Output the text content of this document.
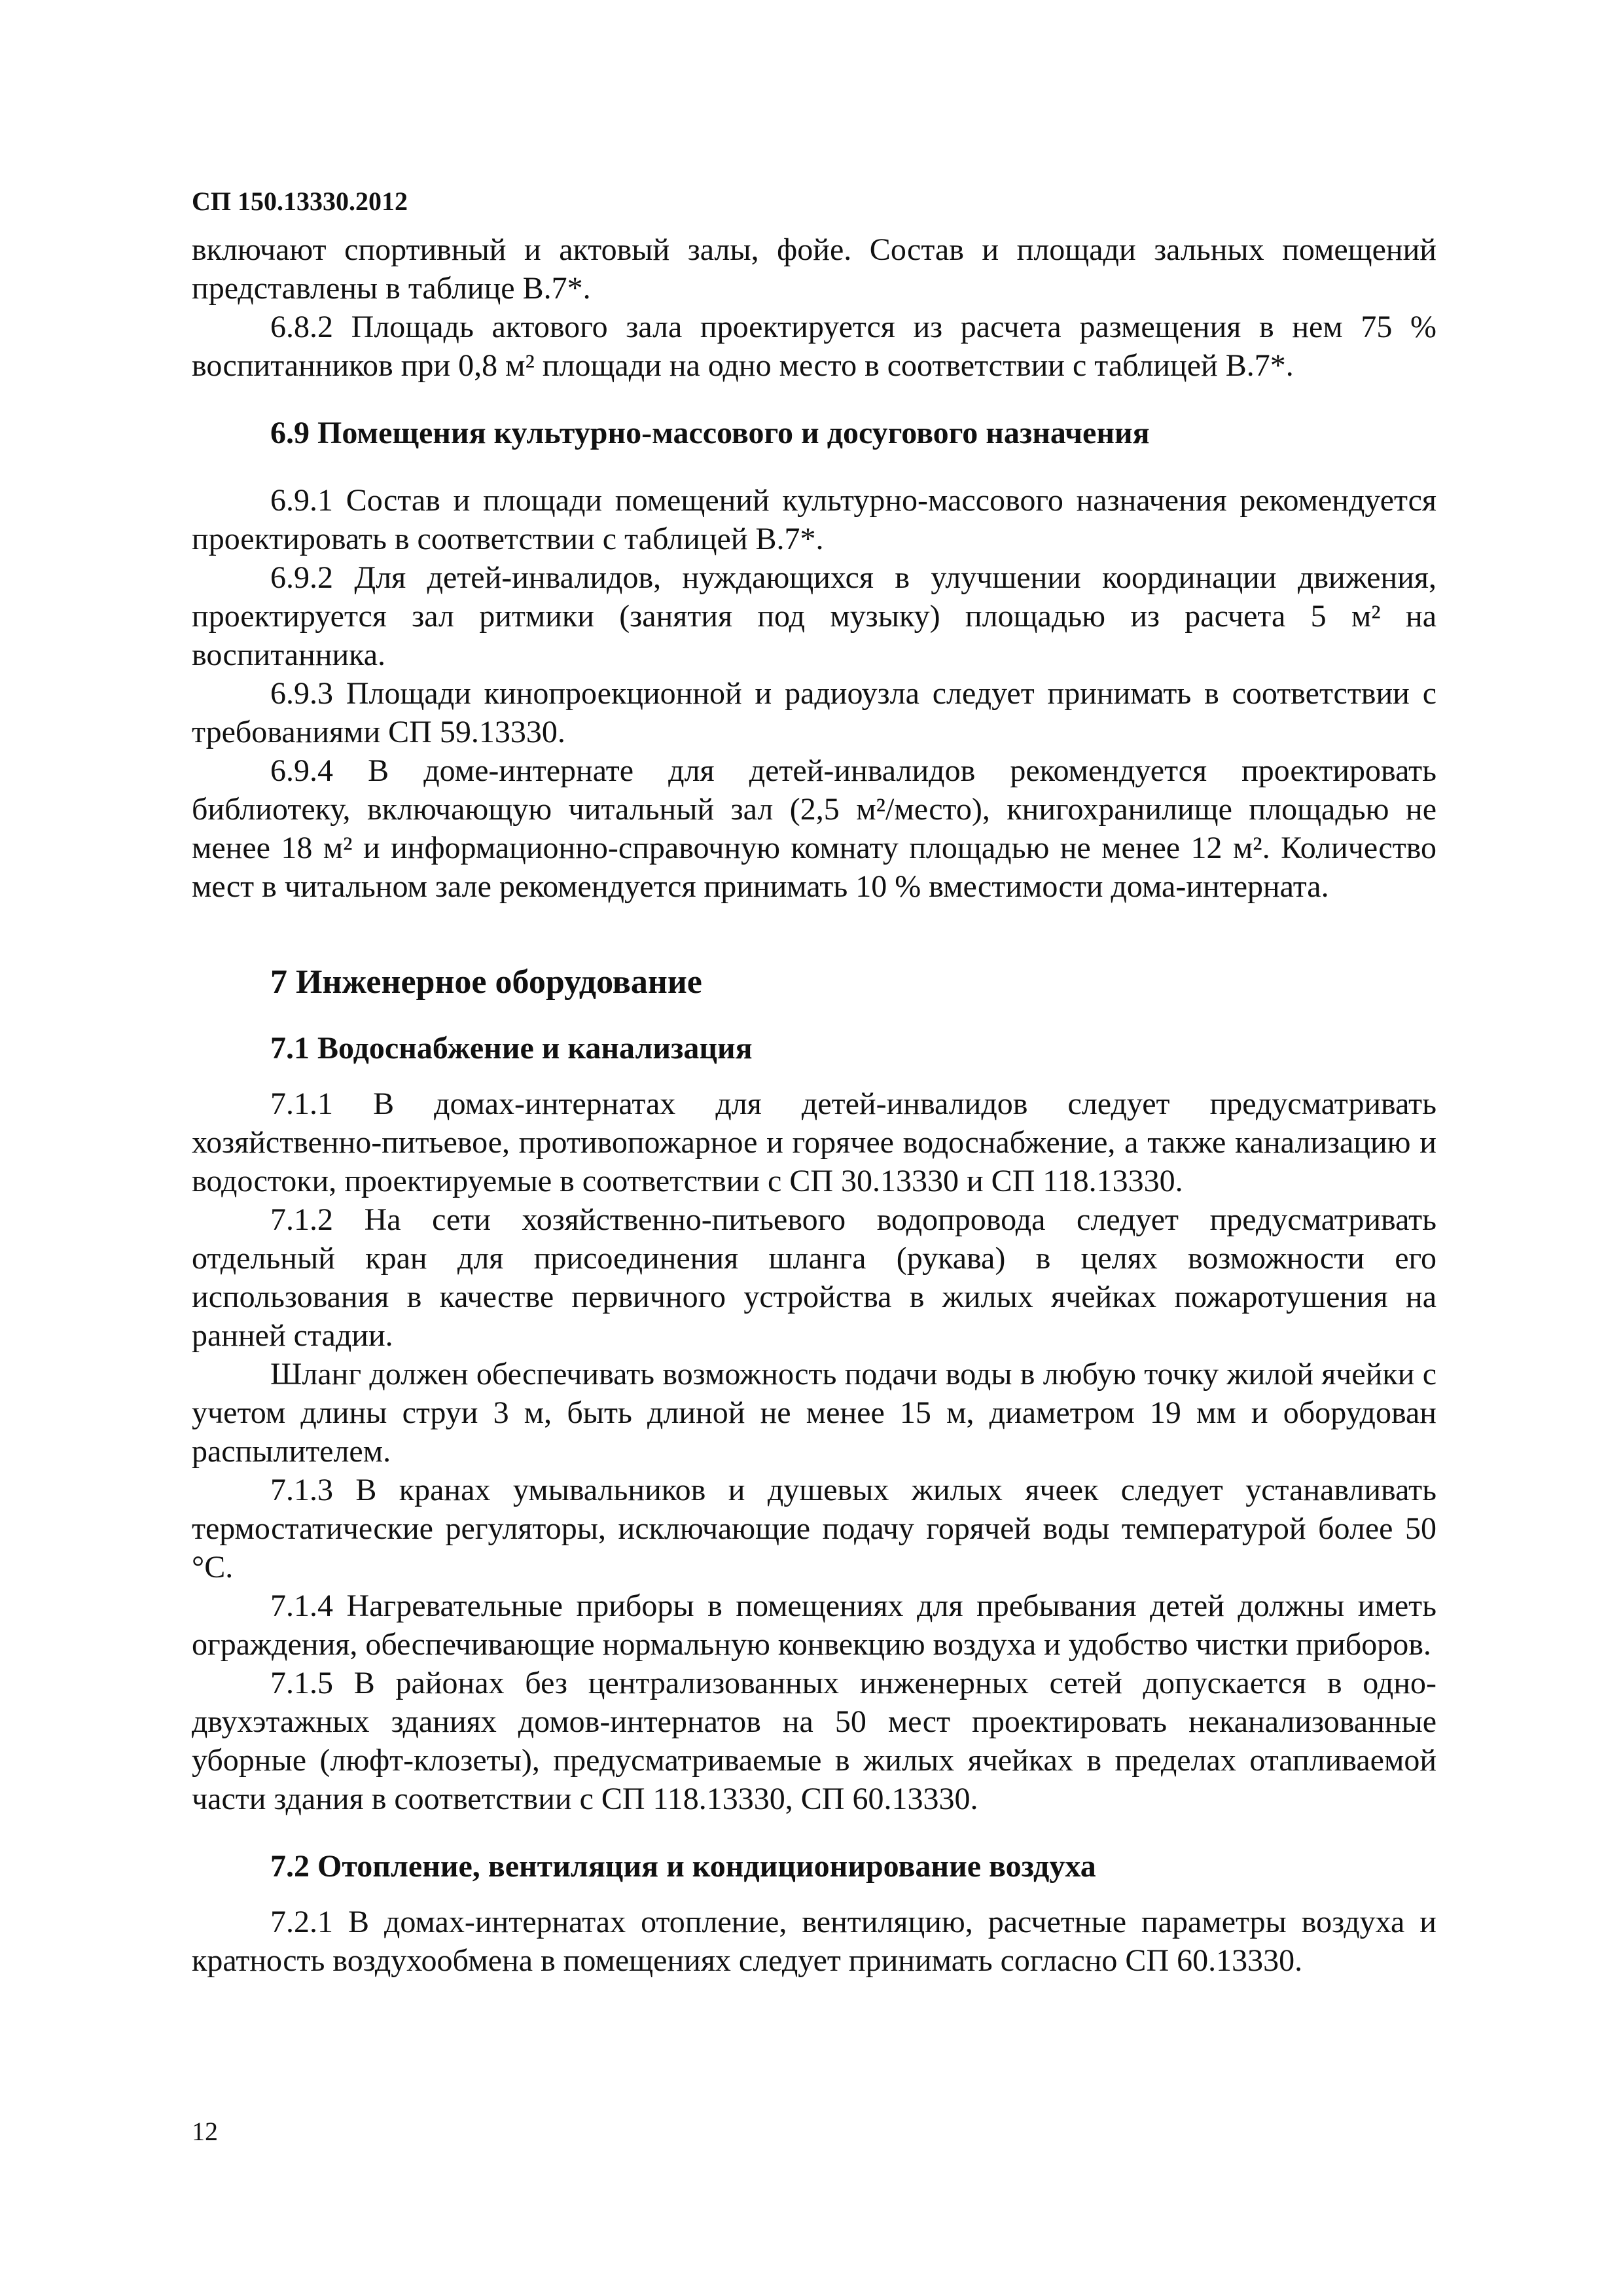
СП 150.13330.2012

включают спортивный и актовый залы, фойе. Состав и площади зальных помещений представлены в таблице В.7*.

6.8.2 Площадь актового зала проектируется из расчета размещения в нем 75 % воспитанников при 0,8 м² площади на одно место в соответствии с таблицей В.7*.

6.9 Помещения культурно-массового и досугового назначения

6.9.1 Состав и площади помещений культурно-массового назначения рекомендуется проектировать в соответствии с таблицей В.7*.

6.9.2 Для детей-инвалидов, нуждающихся в улучшении координации движения, проектируется зал ритмики (занятия под музыку) площадью из расчета 5 м² на воспитанника.

6.9.3 Площади кинопроекционной и радиоузла следует принимать в соответствии с требованиями СП 59.13330.

6.9.4 В доме-интернате для детей-инвалидов рекомендуется проектировать библиотеку, включающую читальный зал (2,5 м²/место), книгохранилище площадью не менее 18 м² и информационно-справочную комнату площадью не менее 12 м². Количество мест в читальном зале рекомендуется принимать 10 % вместимости дома-интерната.

7 Инженерное оборудование
7.1 Водоснабжение и канализация

7.1.1 В домах-интернатах для детей-инвалидов следует предусматривать хозяйственно-питьевое, противопожарное и горячее водоснабжение, а также канализацию и водостоки, проектируемые в соответствии с СП 30.13330 и СП 118.13330.

7.1.2 На сети хозяйственно-питьевого водопровода следует предусматривать отдельный кран для присоединения шланга (рукава) в целях возможности его использования в качестве первичного устройства в жилых ячейках пожаротушения на ранней стадии.

Шланг должен обеспечивать возможность подачи воды в любую точку жилой ячейки с учетом длины струи 3 м, быть длиной не менее 15 м, диаметром 19 мм и оборудован распылителем.

7.1.3 В кранах умывальников и душевых жилых ячеек следует устанавливать термостатические регуляторы, исключающие подачу горячей воды температурой более 50 °С.

7.1.4 Нагревательные приборы в помещениях для пребывания детей должны иметь ограждения, обеспечивающие нормальную конвекцию воздуха и удобство чистки приборов.

7.1.5 В районах без централизованных инженерных сетей допускается в одно-двухэтажных зданиях домов-интернатов на 50 мест проектировать неканализованные уборные (люфт-клозеты), предусматриваемые в жилых ячейках в пределах отапливаемой части здания в соответствии с СП 118.13330, СП 60.13330.

7.2 Отопление, вентиляция и кондиционирование воздуха

7.2.1 В домах-интернатах отопление, вентиляцию, расчетные параметры воздуха и кратность воздухообмена в помещениях следует принимать согласно СП 60.13330.

12
